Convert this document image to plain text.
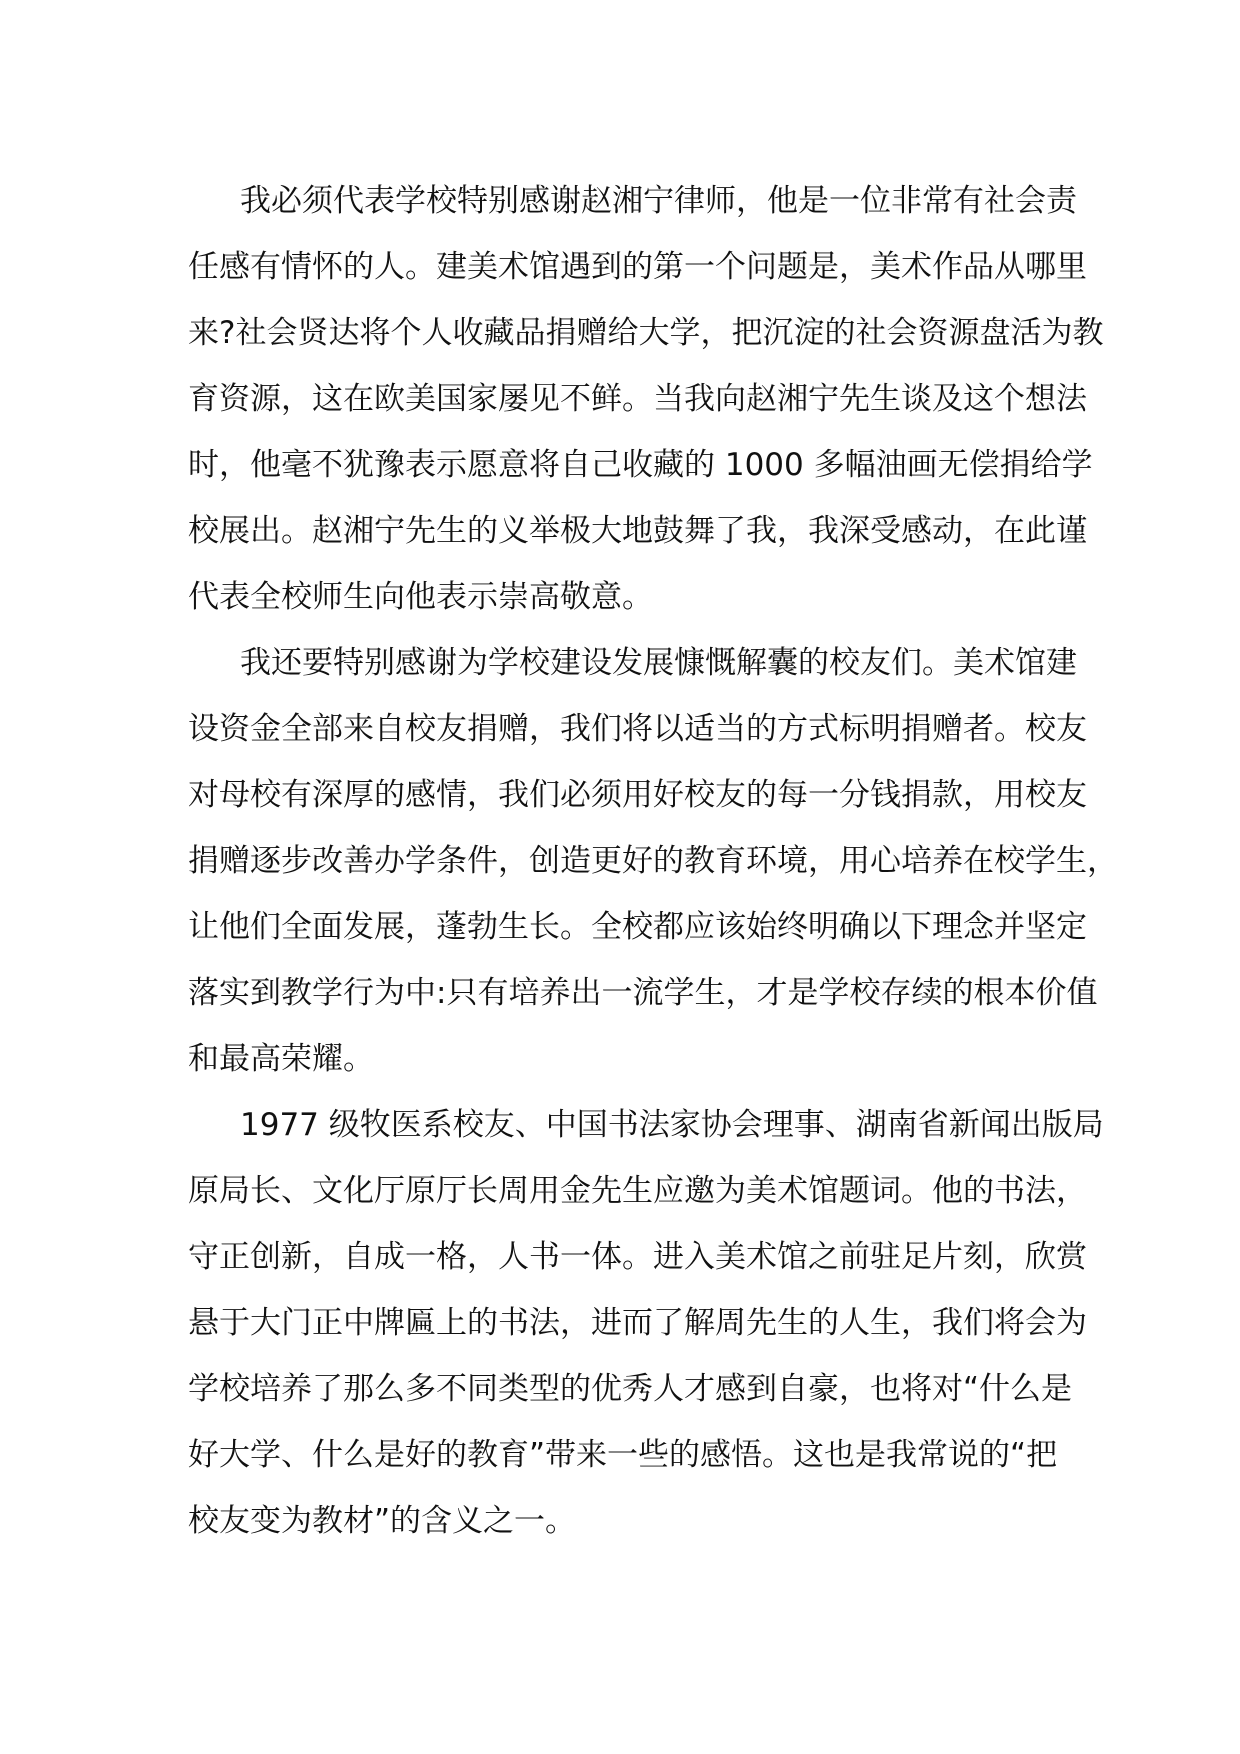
我必须代表学校特别感谢赵湘宁律师，他是一位非常有社会责
任感有情怀的人。建美术馆遇到的第一个问题是，美术作品从哪里
来?社会贤达将个人收藏品捐赠给大学，把沉淀的社会资源盘活为教
育资源，这在欧美国家屡见不鲜。当我向赵湘宁先生谈及这个想法
时，他毫不犹豫表示愿意将自己收藏的 1000 多幅油画无偿捐给学
校展出。赵湘宁先生的义举极大地鼓舞了我，我深受感动，在此谨
代表全校师生向他表示崇高敬意。
我还要特别感谢为学校建设发展慷慨解囊的校友们。美术馆建
设资金全部来自校友捐赠，我们将以适当的方式标明捐赠者。校友
对母校有深厚的感情，我们必须用好校友的每一分钱捐款，用校友
捐赠逐步改善办学条件，创造更好的教育环境，用心培养在校学生，
让他们全面发展，蓬勃生长。全校都应该始终明确以下理念并坚定
落实到教学行为中:只有培养出一流学生，才是学校存续的根本价值
和最高荣耀。
1977 级牧医系校友、中国书法家协会理事、湖南省新闻出版局
原局长、文化厅原厅长周用金先生应邀为美术馆题词。他的书法，
守正创新，自成一格，人书一体。进入美术馆之前驻足片刻，欣赏
悬于大门正中牌匾上的书法，进而了解周先生的人生，我们将会为
学校培养了那么多不同类型的优秀人才感到自豪，也将对“什么是
好大学、什么是好的教育”带来一些的感悟。这也是我常说的“把
校友变为教材”的含义之一。
